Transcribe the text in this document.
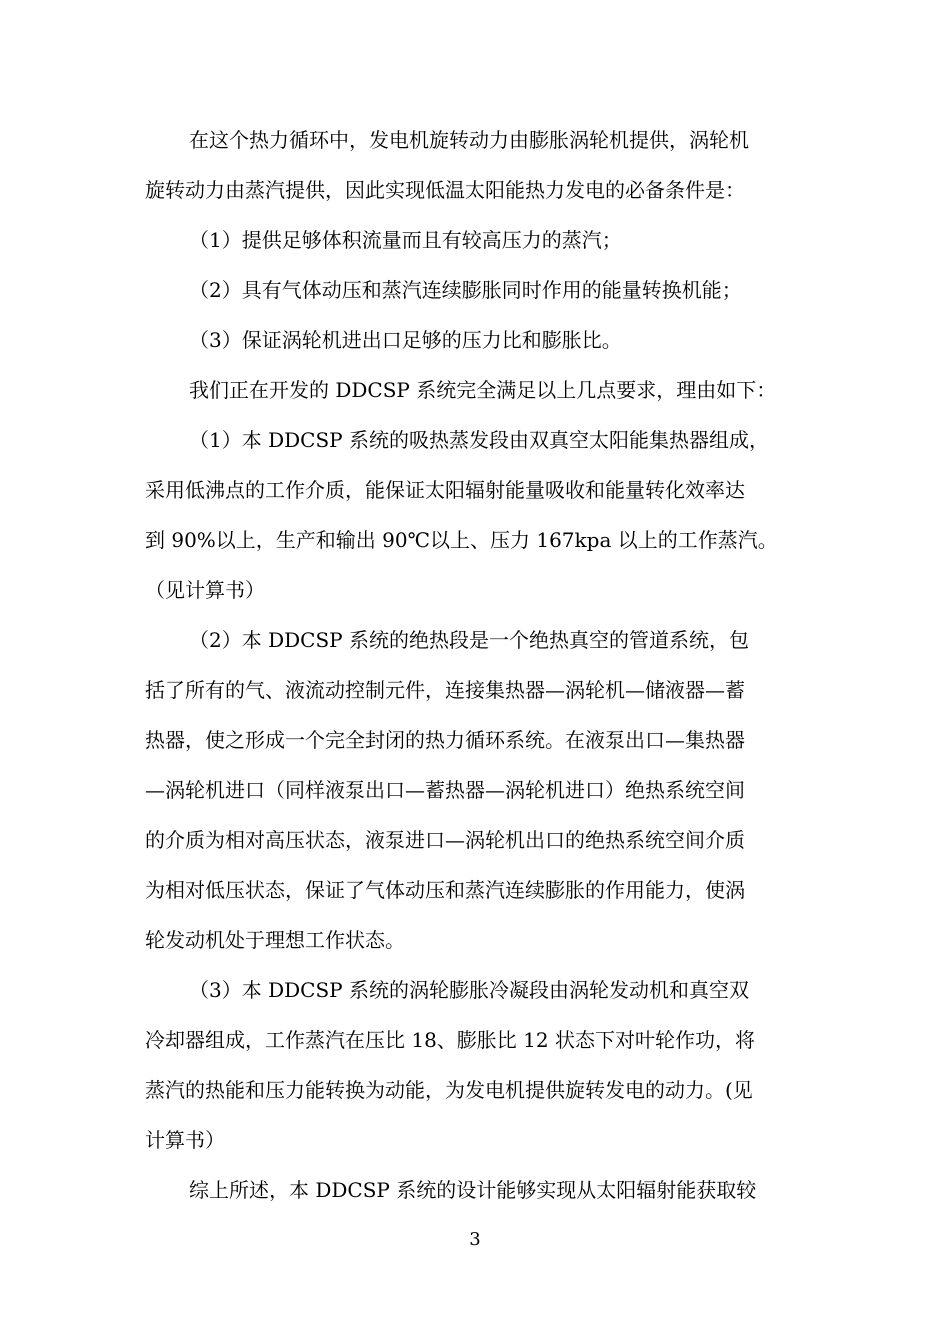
在这个热力循环中，发电机旋转动力由膨胀涡轮机提供，涡轮机
旋转动力由蒸汽提供，因此实现低温太阳能热力发电的必备条件是：
（1）提供足够体积流量而且有较高压力的蒸汽；
（2）具有气体动压和蒸汽连续膨胀同时作用的能量转换机能；
（3）保证涡轮机进出口足够的压力比和膨胀比。
我们正在开发的 DDCSP 系统完全满足以上几点要求，理由如下：
（1）本 DDCSP 系统的吸热蒸发段由双真空太阳能集热器组成，
采用低沸点的工作介质，能保证太阳辐射能量吸收和能量转化效率达
到 90%以上，生产和输出 90℃以上、压力 167kpa 以上的工作蒸汽。
（见计算书）
（2）本 DDCSP 系统的绝热段是一个绝热真空的管道系统，包
括了所有的气、液流动控制元件，连接集热器—涡轮机—储液器—蓄
热器，使之形成一个完全封闭的热力循环系统。在液泵出口—集热器
—涡轮机进口（同样液泵出口—蓄热器—涡轮机进口）绝热系统空间
的介质为相对高压状态，液泵进口—涡轮机出口的绝热系统空间介质
为相对低压状态，保证了气体动压和蒸汽连续膨胀的作用能力，使涡
轮发动机处于理想工作状态。
（3）本 DDCSP 系统的涡轮膨胀冷凝段由涡轮发动机和真空双
冷却器组成，工作蒸汽在压比 18、膨胀比 12 状态下对叶轮作功，将
蒸汽的热能和压力能转换为动能，为发电机提供旋转发电的动力。(见
计算书）
综上所述，本 DDCSP 系统的设计能够实现从太阳辐射能获取较
3
